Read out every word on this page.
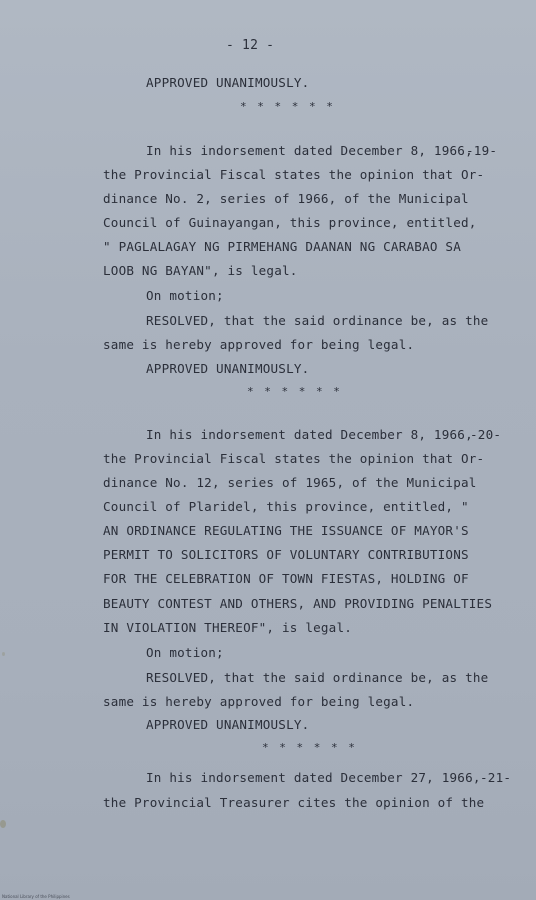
- 12 -
APPROVED UNANIMOUSLY.
* * * * * *
In his indorsement dated December 8, 1966,
-19-
the Provincial Fiscal states the opinion that Or-
dinance No. 2, series of 1966, of the Municipal
Council of Guinayangan, this province, entitled,
" PAGLALAGAY NG PIRMEHANG DAANAN NG CARABAO SA
LOOB NG BAYAN", is legal.
On motion;
RESOLVED, that the said ordinance be, as the
same is hereby approved for being legal.
APPROVED UNANIMOUSLY.
* * * * * *
In his indorsement dated December 8, 1966,
-20-
the Provincial Fiscal states the opinion that Or-
dinance No. 12, series of 1965, of the Municipal
Council of Plaridel, this province, entitled, "
AN ORDINANCE REGULATING THE ISSUANCE OF MAYOR'S
PERMIT TO SOLICITORS OF VOLUNTARY CONTRIBUTIONS
FOR THE CELEBRATION OF TOWN FIESTAS, HOLDING OF
BEAUTY CONTEST AND OTHERS, AND PROVIDING PENALTIES
IN VIOLATION THEREOF", is legal.
On motion;
RESOLVED, that the said ordinance be, as the
same is hereby approved for being legal.
APPROVED UNANIMOUSLY.
* * * * * *
In his indorsement dated December 27, 1966, -21-
the Provincial Treasurer cites the opinion of the
National Library of the Philippines
